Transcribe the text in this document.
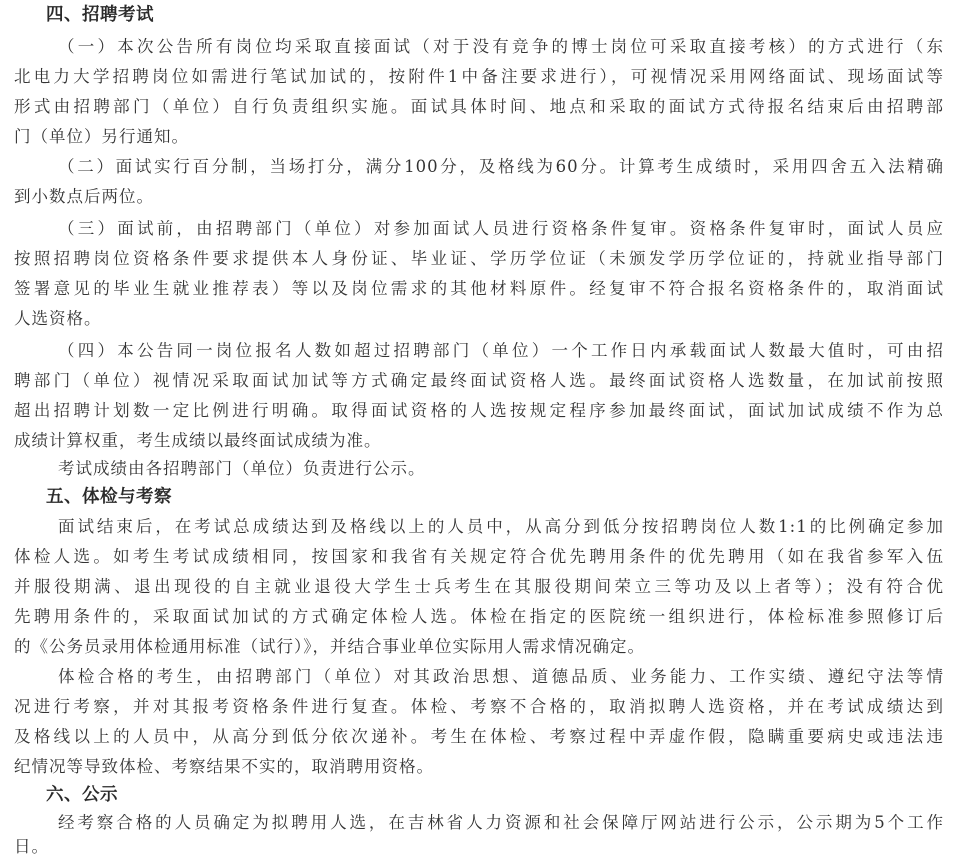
四、招聘考试
（一）本次公告所有岗位均采取直接面试（对于没有竞争的博士岗位可采取直接考核）的方式进行（东
北电力大学招聘岗位如需进行笔试加试的，按附件1中备注要求进行），可视情况采用网络面试、现场面试等
形式由招聘部门（单位）自行负责组织实施。面试具体时间、地点和采取的面试方式待报名结束后由招聘部
门（单位）另行通知。
（二）面试实行百分制，当场打分，满分100分，及格线为60分。计算考生成绩时，采用四舍五入法精确
到小数点后两位。
（三）面试前，由招聘部门（单位）对参加面试人员进行资格条件复审。资格条件复审时，面试人员应
按照招聘岗位资格条件要求提供本人身份证、毕业证、学历学位证（未颁发学历学位证的，持就业指导部门
签署意见的毕业生就业推荐表）等以及岗位需求的其他材料原件。经复审不符合报名资格条件的，取消面试
人选资格。
（四）本公告同一岗位报名人数如超过招聘部门（单位）一个工作日内承载面试人数最大值时，可由招
聘部门（单位）视情况采取面试加试等方式确定最终面试资格人选。最终面试资格人选数量，在加试前按照
超出招聘计划数一定比例进行明确。取得面试资格的人选按规定程序参加最终面试，面试加试成绩不作为总
成绩计算权重，考生成绩以最终面试成绩为准。
考试成绩由各招聘部门（单位）负责进行公示。
五、体检与考察
面试结束后，在考试总成绩达到及格线以上的人员中，从高分到低分按招聘岗位人数1:1的比例确定参加
体检人选。如考生考试成绩相同，按国家和我省有关规定符合优先聘用条件的优先聘用（如在我省参军入伍
并服役期满、退出现役的自主就业退役大学生士兵考生在其服役期间荣立三等功及以上者等）；没有符合优
先聘用条件的，采取面试加试的方式确定体检人选。体检在指定的医院统一组织进行，体检标准参照修订后
的《公务员录用体检通用标准（试行）》，并结合事业单位实际用人需求情况确定。
体检合格的考生，由招聘部门（单位）对其政治思想、道德品质、业务能力、工作实绩、遵纪守法等情
况进行考察，并对其报考资格条件进行复查。体检、考察不合格的，取消拟聘人选资格，并在考试成绩达到
及格线以上的人员中，从高分到低分依次递补。考生在体检、考察过程中弄虚作假，隐瞒重要病史或违法违
纪情况等导致体检、考察结果不实的，取消聘用资格。
六、公示
经考察合格的人员确定为拟聘用人选，在吉林省人力资源和社会保障厅网站进行公示，公示期为5个工作
日。
